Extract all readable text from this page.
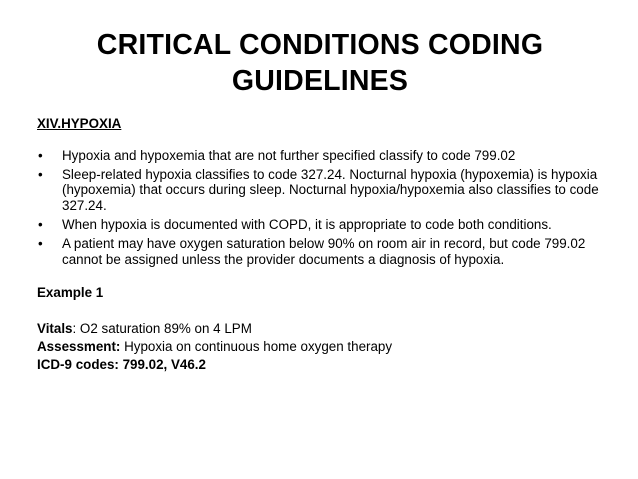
CRITICAL CONDITIONS CODING GUIDELINES

XIV.HYPOXIA

• Hypoxia and hypoxemia that are not further specified classify to code 799.02
• Sleep-related hypoxia classifies to code 327.24. Nocturnal hypoxia (hypoxemia) is hypoxia (hypoxemia) that occurs during sleep. Nocturnal hypoxia/hypoxemia also classifies to code 327.24.
• When hypoxia is documented with COPD, it is appropriate to code both conditions.
• A patient may have oxygen saturation below 90% on room air in record, but code 799.02 cannot be assigned unless the provider documents a diagnosis of hypoxia.

Example 1

Vitals: O2 saturation 89% on 4 LPM

Assessment: Hypoxia on continuous home oxygen therapy

ICD-9 codes: 799.02, V46.2
